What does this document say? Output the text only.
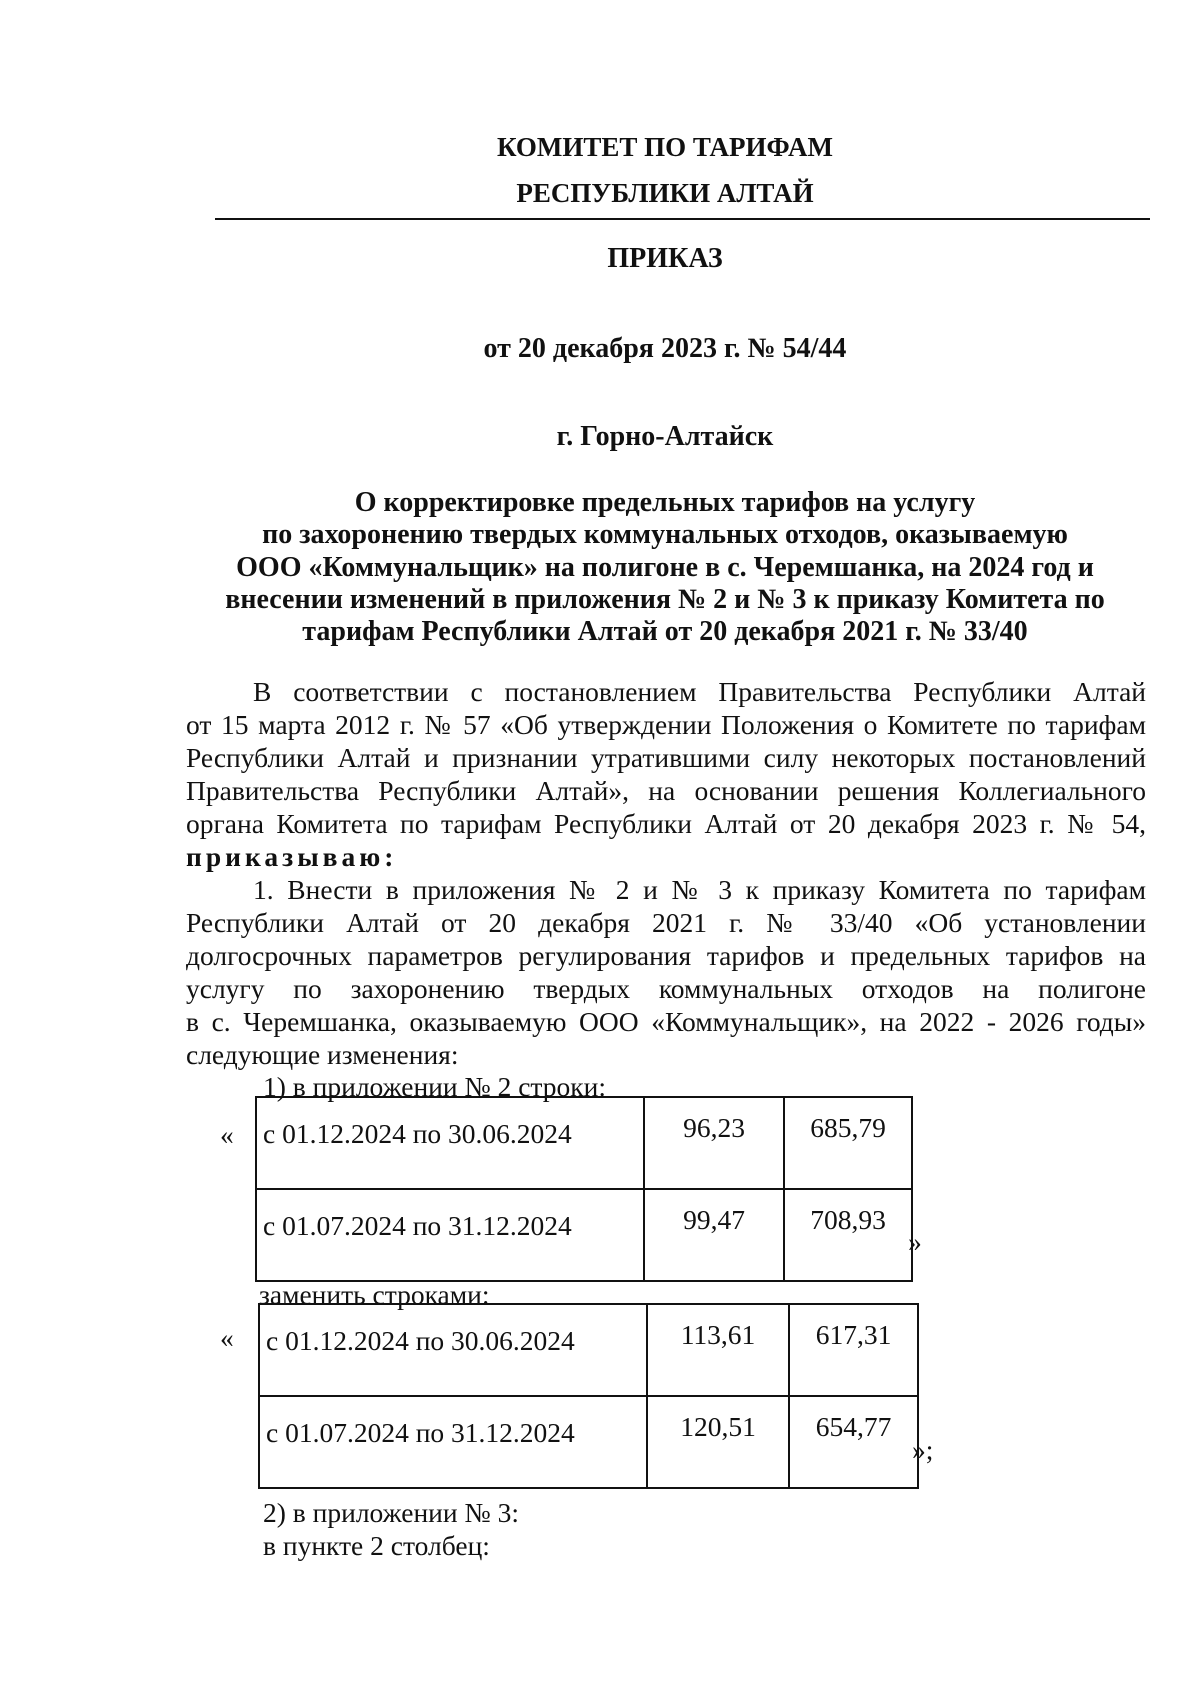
КОМИТЕТ ПО ТАРИФАМ
РЕСПУБЛИКИ АЛТАЙ
ПРИКАЗ
от 20 декабря 2023 г. № 54/44
г. Горно-Алтайск
О корректировке предельных тарифов на услугу
по захоронению твердых коммунальных отходов, оказываемую
ООО «Коммунальщик» на полигоне в с. Черемшанка, на 2024 год и
внесении изменений в приложения № 2 и № 3 к приказу Комитета по
тарифам Республики Алтай от 20 декабря 2021 г. № 33/40
В соответствии с постановлением Правительства Республики Алтай
от 15 марта 2012 г. № 57 «Об утверждении Положения о Комитете по тарифам
Республики Алтай и признании утратившими силу некоторых постановлений
Правительства Республики Алтай», на основании решения Коллегиального
органа Комитета по тарифам Республики Алтай от 20 декабря 2023 г. № 54,
приказываю:
1. Внести в приложения № 2 и № 3 к приказу Комитета по тарифам
Республики Алтай от 20 декабря 2021 г. № 33/40 «Об установлении
долгосрочных параметров регулирования тарифов и предельных тарифов на
услугу по захоронению твердых коммунальных отходов на полигоне
в с. Черемшанка, оказываемую ООО «Коммунальщик», на 2022 - 2026 годы»
следующие изменения:
1) в приложении № 2 строки:
« с 01.12.2024 по 30.06.2024	96,23	685,79
с 01.07.2024 по 31.12.2024	99,47	708,93
»
заменить строками:
« с 01.12.2024 по 30.06.2024	113,61	617,31
с 01.07.2024 по 31.12.2024	120,51	654,77
»;
2) в приложении № 3:
в пункте 2 столбец:
